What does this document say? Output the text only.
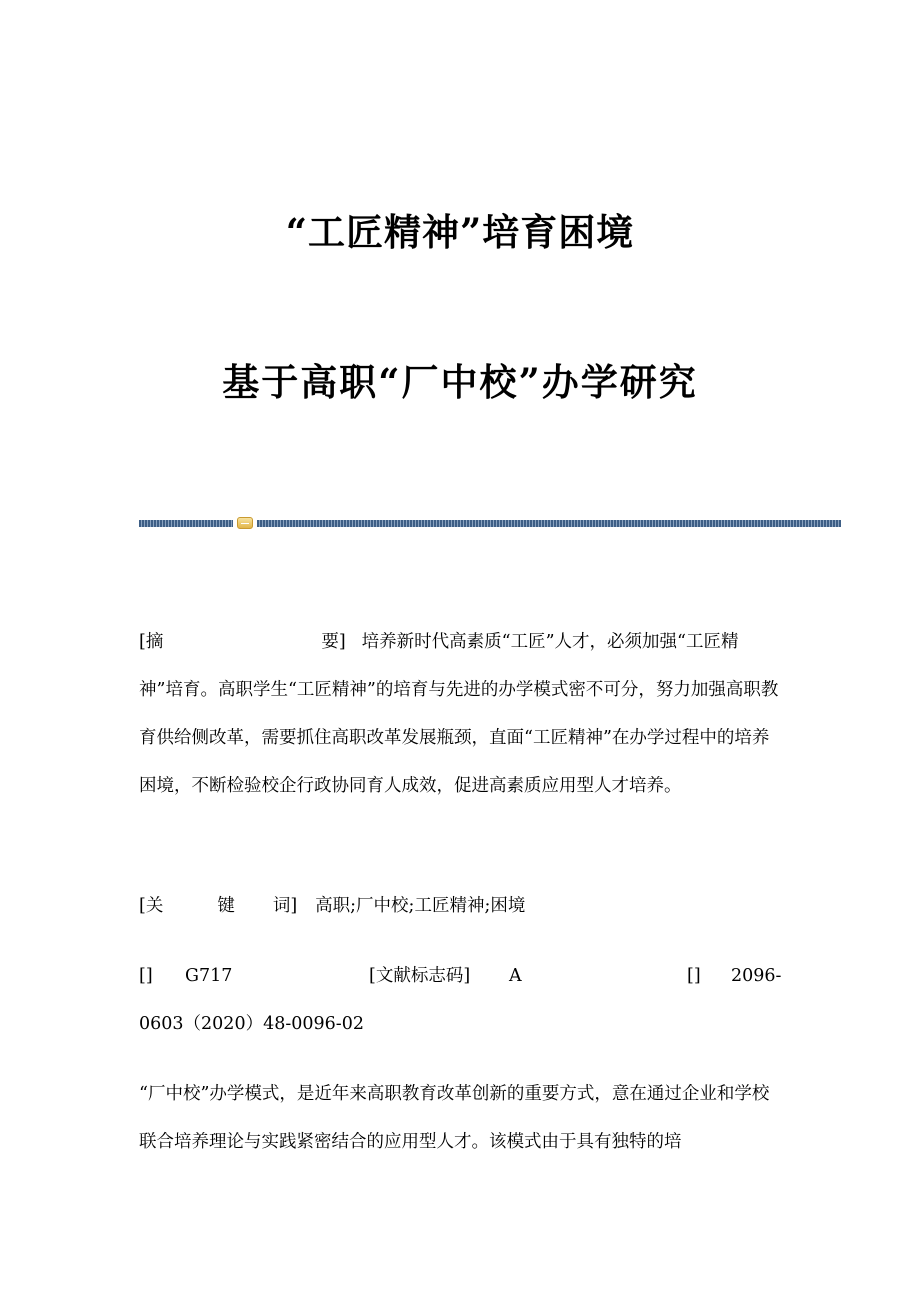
“工匠精神”培育困境
基于高职“厂中校”办学研究
[摘	要] 培养新时代高素质“工匠”人才，必须加强“工匠精神”培育。高职学生“工匠精神”的培育与先进的办学模式密不可分，努力加强高职教育供给侧改革，需要抓住高职改革发展瓶颈，直面“工匠精神”在办学过程中的培养困境，不断检验校企行政协同育人成效，促进高素质应用型人才培养。
[关	键 词] 高职;厂中校;工匠精神;困境
[] G717	[文献标志码] A	[] 2096-
0603（2020）48-0096-02
“厂中校”办学模式，是近年来高职教育改革创新的重要方式，意在通过企业和学校联合培养理论与实践紧密结合的应用型人才。该模式由于具有独特的培
